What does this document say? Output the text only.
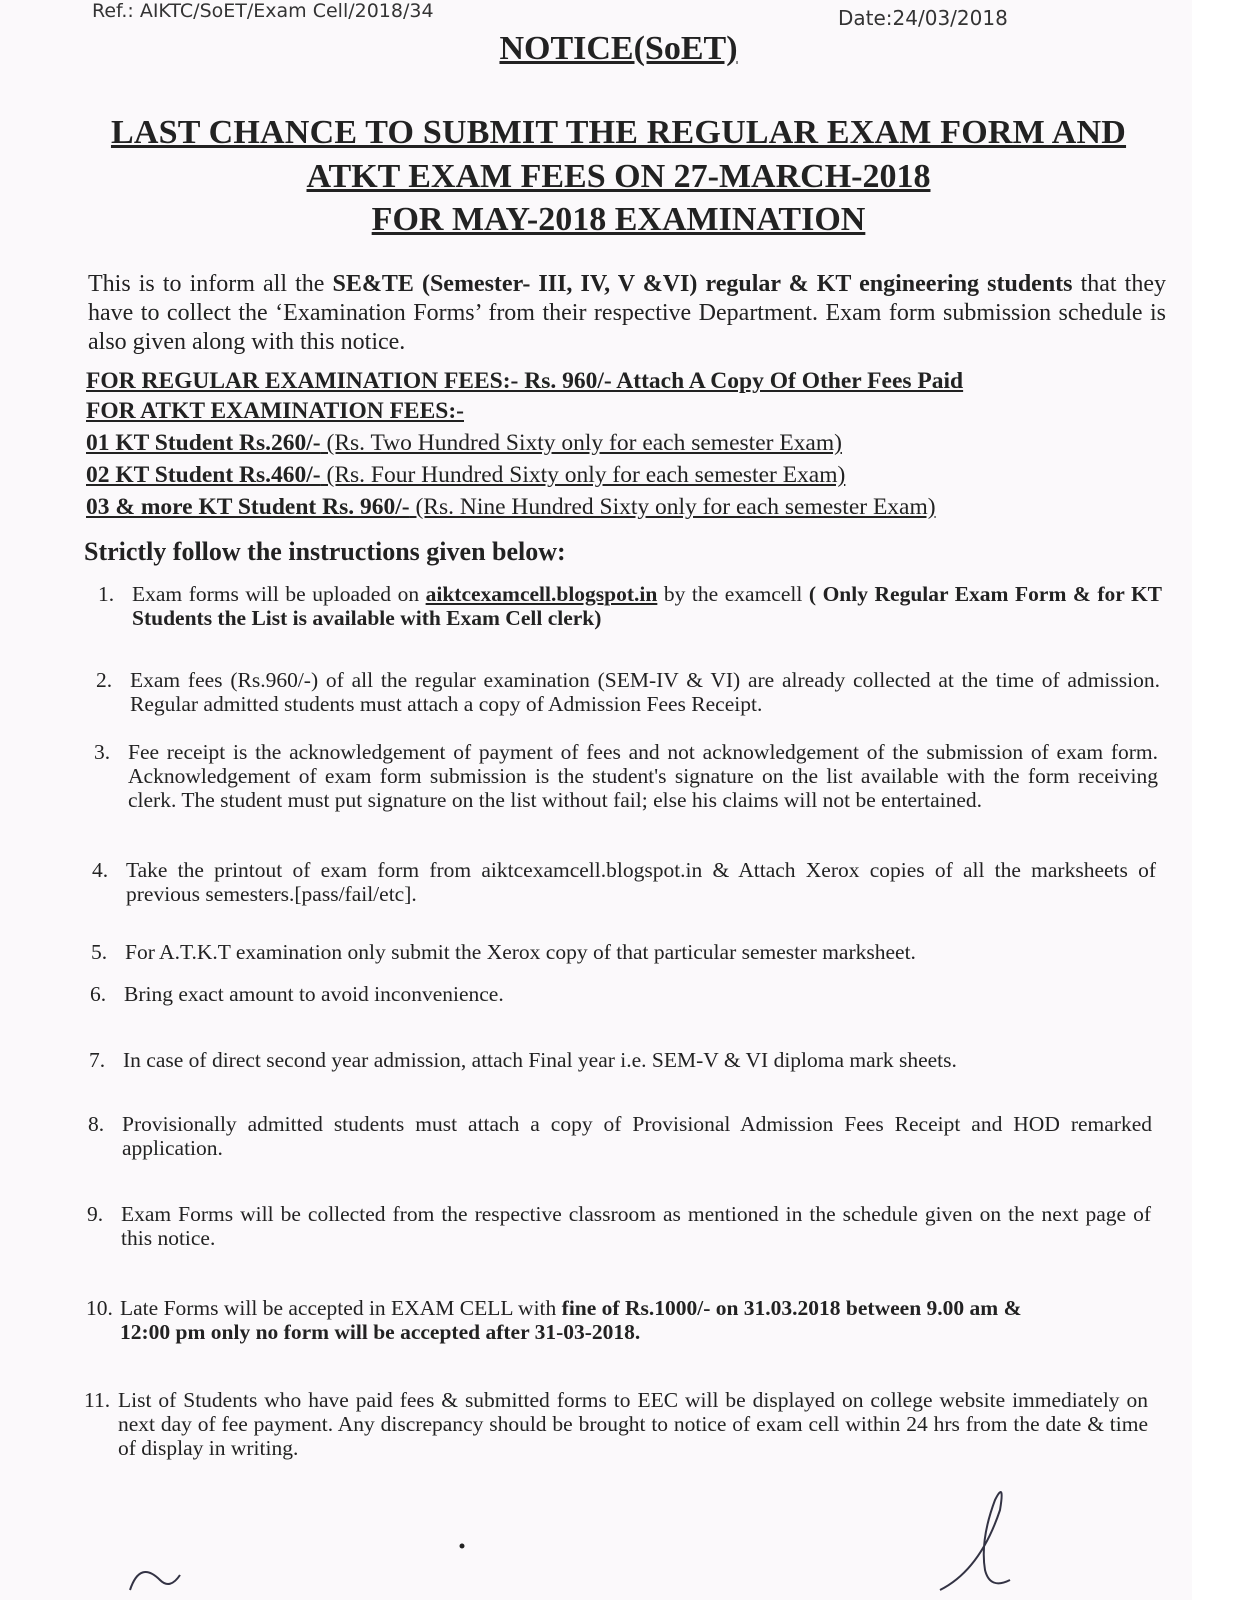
Ref.: AIKTC/SoET/Exam Cell/2018/34	Date:24/03/2018
NOTICE(SoET)
LAST CHANCE TO SUBMIT THE REGULAR EXAM FORM AND
ATKT EXAM FEES ON 27-MARCH-2018
FOR MAY-2018 EXAMINATION
This is to inform all the SE&TE (Semester- III, IV, V &VI) regular & KT engineering students that they have to collect the ‘Examination Forms’ from their respective Department. Exam form submission schedule is also given along with this notice.
FOR REGULAR EXAMINATION FEES:- Rs. 960/- Attach A Copy Of Other Fees Paid
FOR ATKT EXAMINATION FEES:-
01 KT Student Rs.260/- (Rs. Two Hundred Sixty only for each semester Exam)
02 KT Student Rs.460/- (Rs. Four Hundred Sixty only for each semester Exam)
03 & more KT Student Rs. 960/- (Rs. Nine Hundred Sixty only for each semester Exam)
Strictly follow the instructions given below:
1. Exam forms will be uploaded on aiktcexamcell.blogspot.in by the examcell ( Only Regular Exam Form & for KT Students the List is available with Exam Cell clerk)
2. Exam fees (Rs.960/-) of all the regular examination (SEM-IV & VI) are already collected at the time of admission. Regular admitted students must attach a copy of Admission Fees Receipt.
3. Fee receipt is the acknowledgement of payment of fees and not acknowledgement of the submission of exam form. Acknowledgement of exam form submission is the student's signature on the list available with the form receiving clerk. The student must put signature on the list without fail; else his claims will not be entertained.
4. Take the printout of exam form from aiktcexamcell.blogspot.in & Attach Xerox copies of all the marksheets of previous semesters.[pass/fail/etc].
5. For A.T.K.T examination only submit the Xerox copy of that particular semester marksheet.
6. Bring exact amount to avoid inconvenience.
7. In case of direct second year admission, attach Final year i.e. SEM-V & VI diploma mark sheets.
8. Provisionally admitted students must attach a copy of Provisional Admission Fees Receipt and HOD remarked application.
9. Exam Forms will be collected from the respective classroom as mentioned in the schedule given on the next page of this notice.
10. Late Forms will be accepted in EXAM CELL with fine of Rs.1000/- on 31.03.2018 between 9.00 am & 12:00 pm only no form will be accepted after 31-03-2018.
11. List of Students who have paid fees & submitted forms to EEC will be displayed on college website immediately on next day of fee payment. Any discrepancy should be brought to notice of exam cell within 24 hrs from the date & time of display in writing.
